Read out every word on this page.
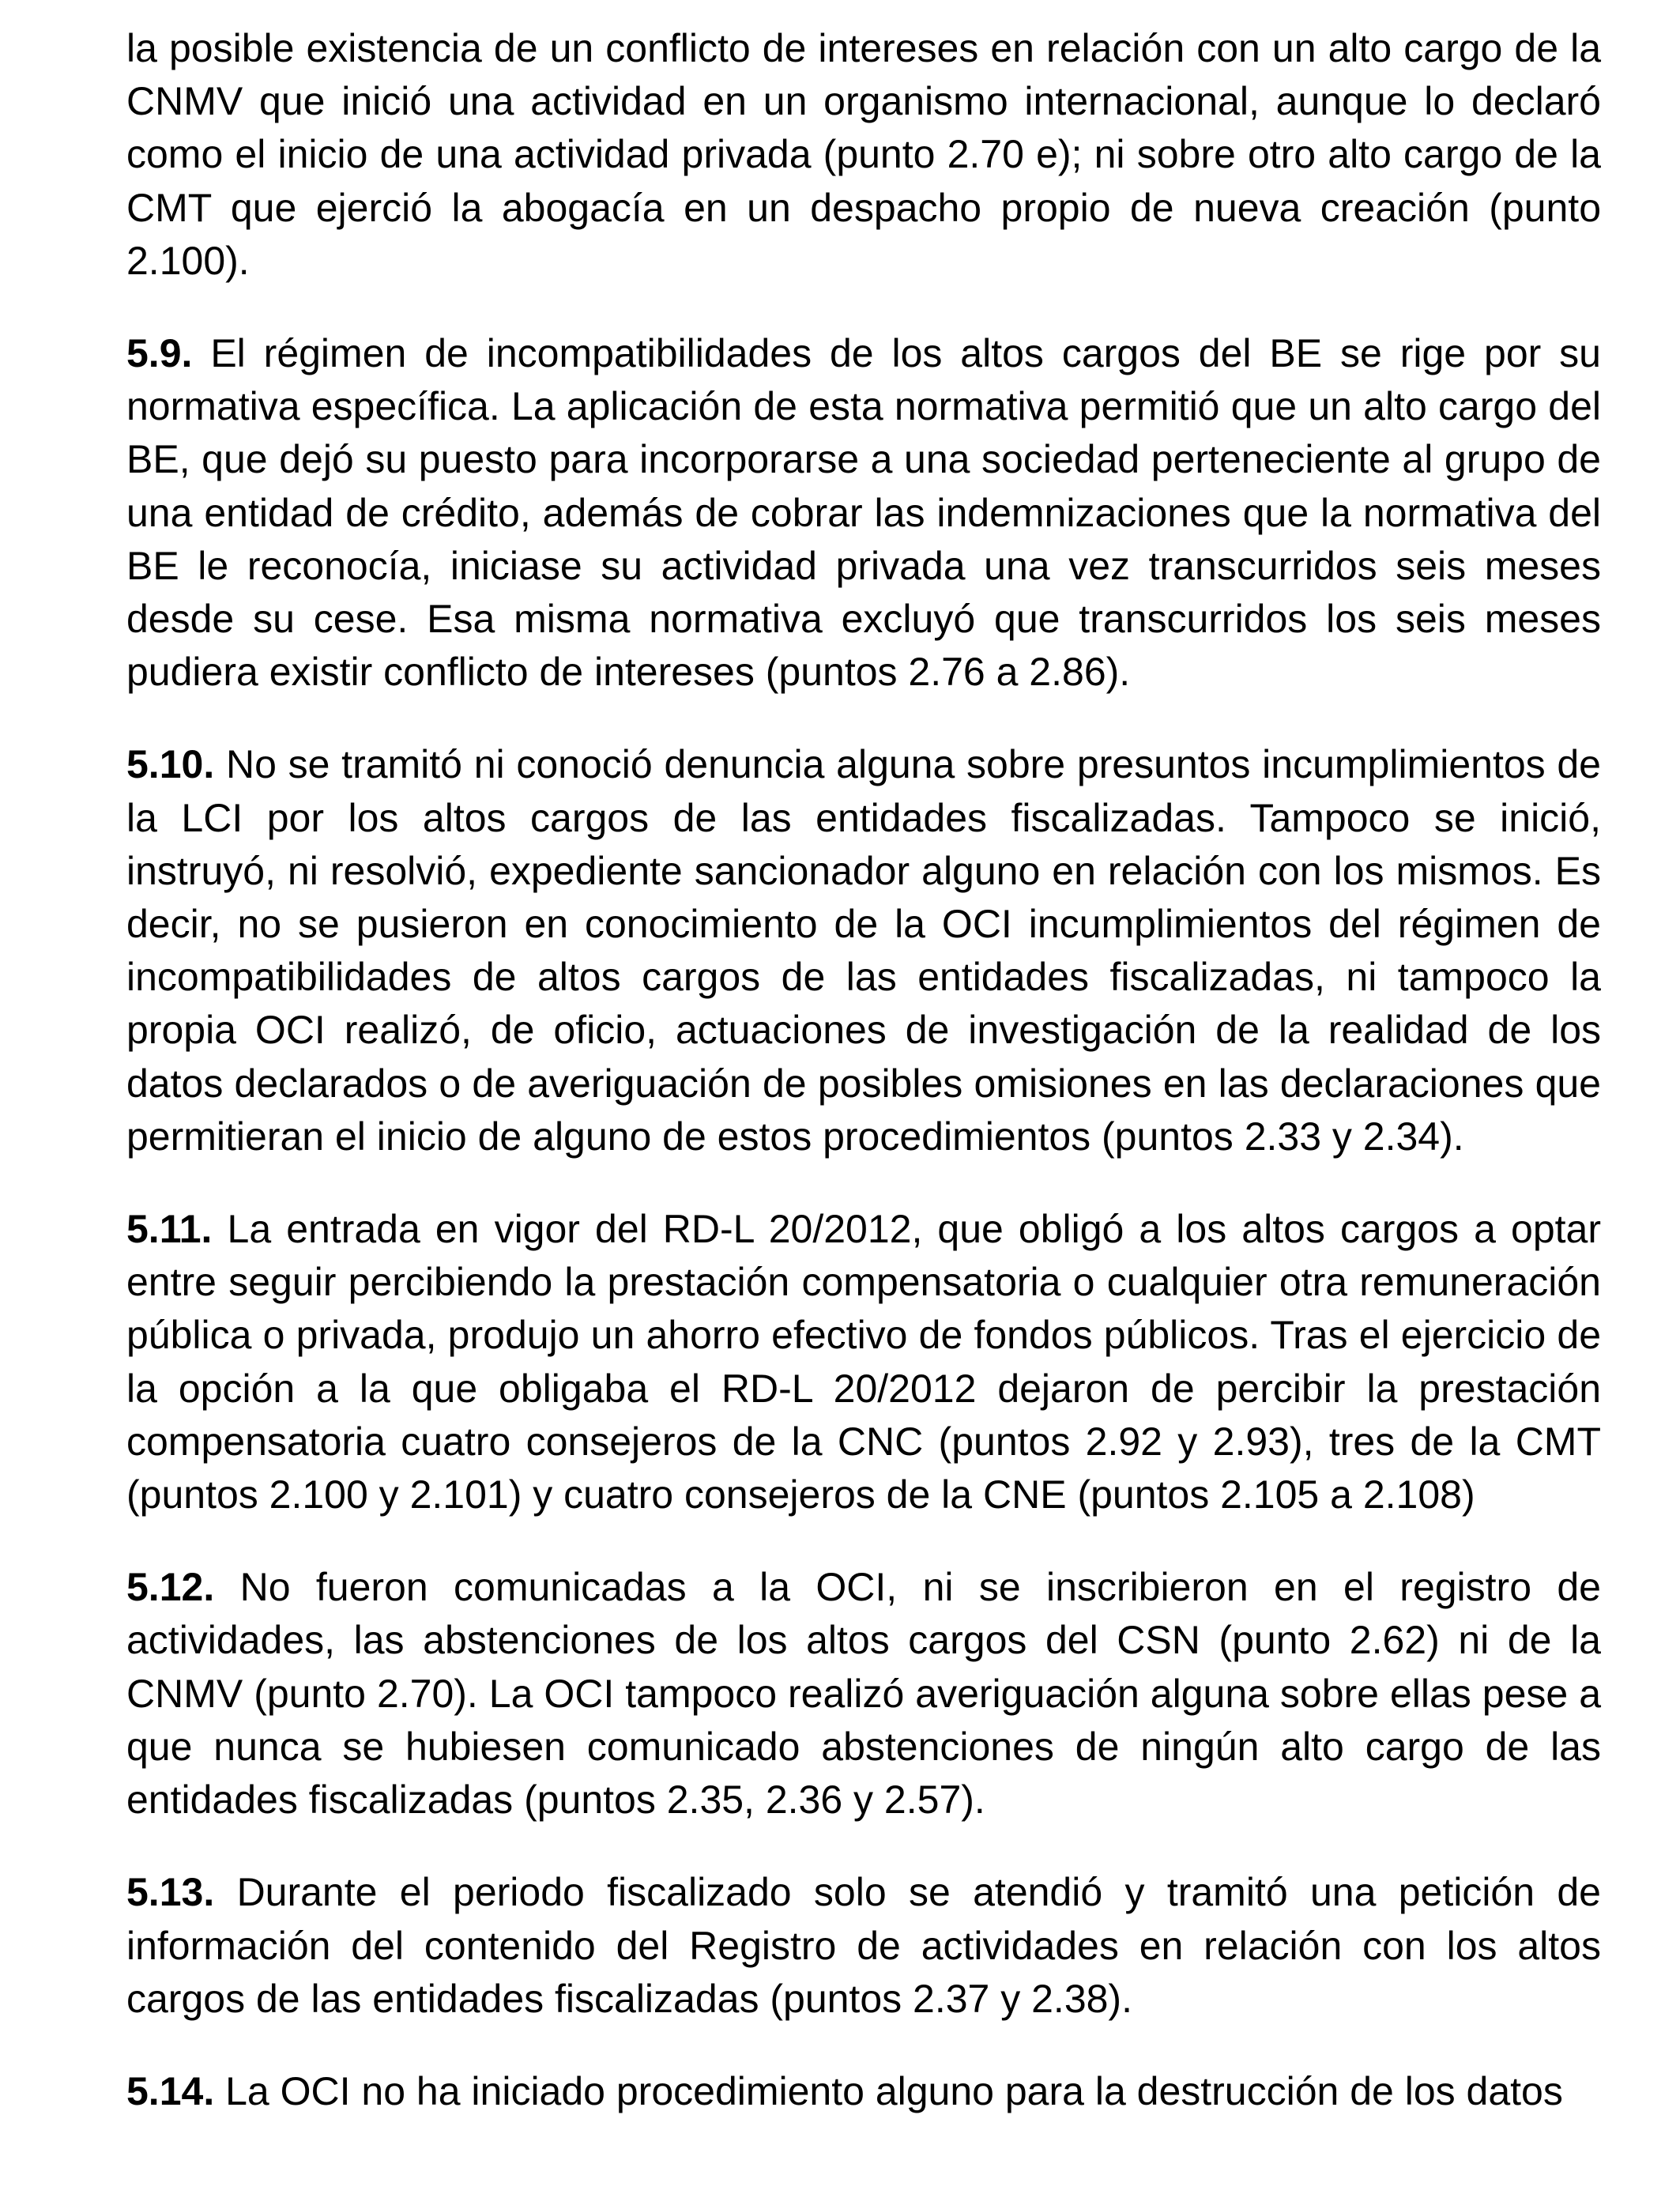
la posible existencia de un conflicto de intereses en relación con un alto cargo de la CNMV que inició una actividad en un organismo internacional, aunque lo declaró como el inicio de una actividad privada (punto 2.70 e); ni sobre otro alto cargo de la CMT que ejerció la abogacía en un despacho propio de nueva creación (punto 2.100).

5.9. El régimen de incompatibilidades de los altos cargos del BE se rige por su normativa específica. La aplicación de esta normativa permitió que un alto cargo del BE, que dejó su puesto para incorporarse a una sociedad perteneciente al grupo de una entidad de crédito, además de cobrar las indemnizaciones que la normativa del BE le reconocía, iniciase su actividad privada una vez transcurridos seis meses desde su cese. Esa misma normativa excluyó que transcurridos los seis meses pudiera existir conflicto de intereses (puntos 2.76 a 2.86).

5.10. No se tramitó ni conoció denuncia alguna sobre presuntos incumplimientos de la LCI por los altos cargos de las entidades fiscalizadas. Tampoco se inició, instruyó, ni resolvió, expediente sancionador alguno en relación con los mismos. Es decir, no se pusieron en conocimiento de la OCI incumplimientos del régimen de incompatibilidades de altos cargos de las entidades fiscalizadas, ni tampoco la propia OCI realizó, de oficio, actuaciones de investigación de la realidad de los datos declarados o de averiguación de posibles omisiones en las declaraciones que permitieran el inicio de alguno de estos procedimientos (puntos 2.33 y 2.34).

5.11. La entrada en vigor del RD-L 20/2012, que obligó a los altos cargos a optar entre seguir percibiendo la prestación compensatoria o cualquier otra remuneración pública o privada, produjo un ahorro efectivo de fondos públicos. Tras el ejercicio de la opción a la que obligaba el RD-L 20/2012 dejaron de percibir la prestación compensatoria cuatro consejeros de la CNC (puntos 2.92 y 2.93), tres de la CMT (puntos 2.100 y 2.101) y cuatro consejeros de la CNE (puntos 2.105 a 2.108)

5.12. No fueron comunicadas a la OCI, ni se inscribieron en el registro de actividades, las abstenciones de los altos cargos del CSN (punto 2.62) ni de la CNMV (punto 2.70). La OCI tampoco realizó averiguación alguna sobre ellas pese a que nunca se hubiesen comunicado abstenciones de ningún alto cargo de las entidades fiscalizadas (puntos 2.35, 2.36 y 2.57).

5.13. Durante el periodo fiscalizado solo se atendió y tramitó una petición de información del contenido del Registro de actividades en relación con los altos cargos de las entidades fiscalizadas (puntos 2.37 y 2.38).

5.14. La OCI no ha iniciado procedimiento alguno para la destrucción de los datos
